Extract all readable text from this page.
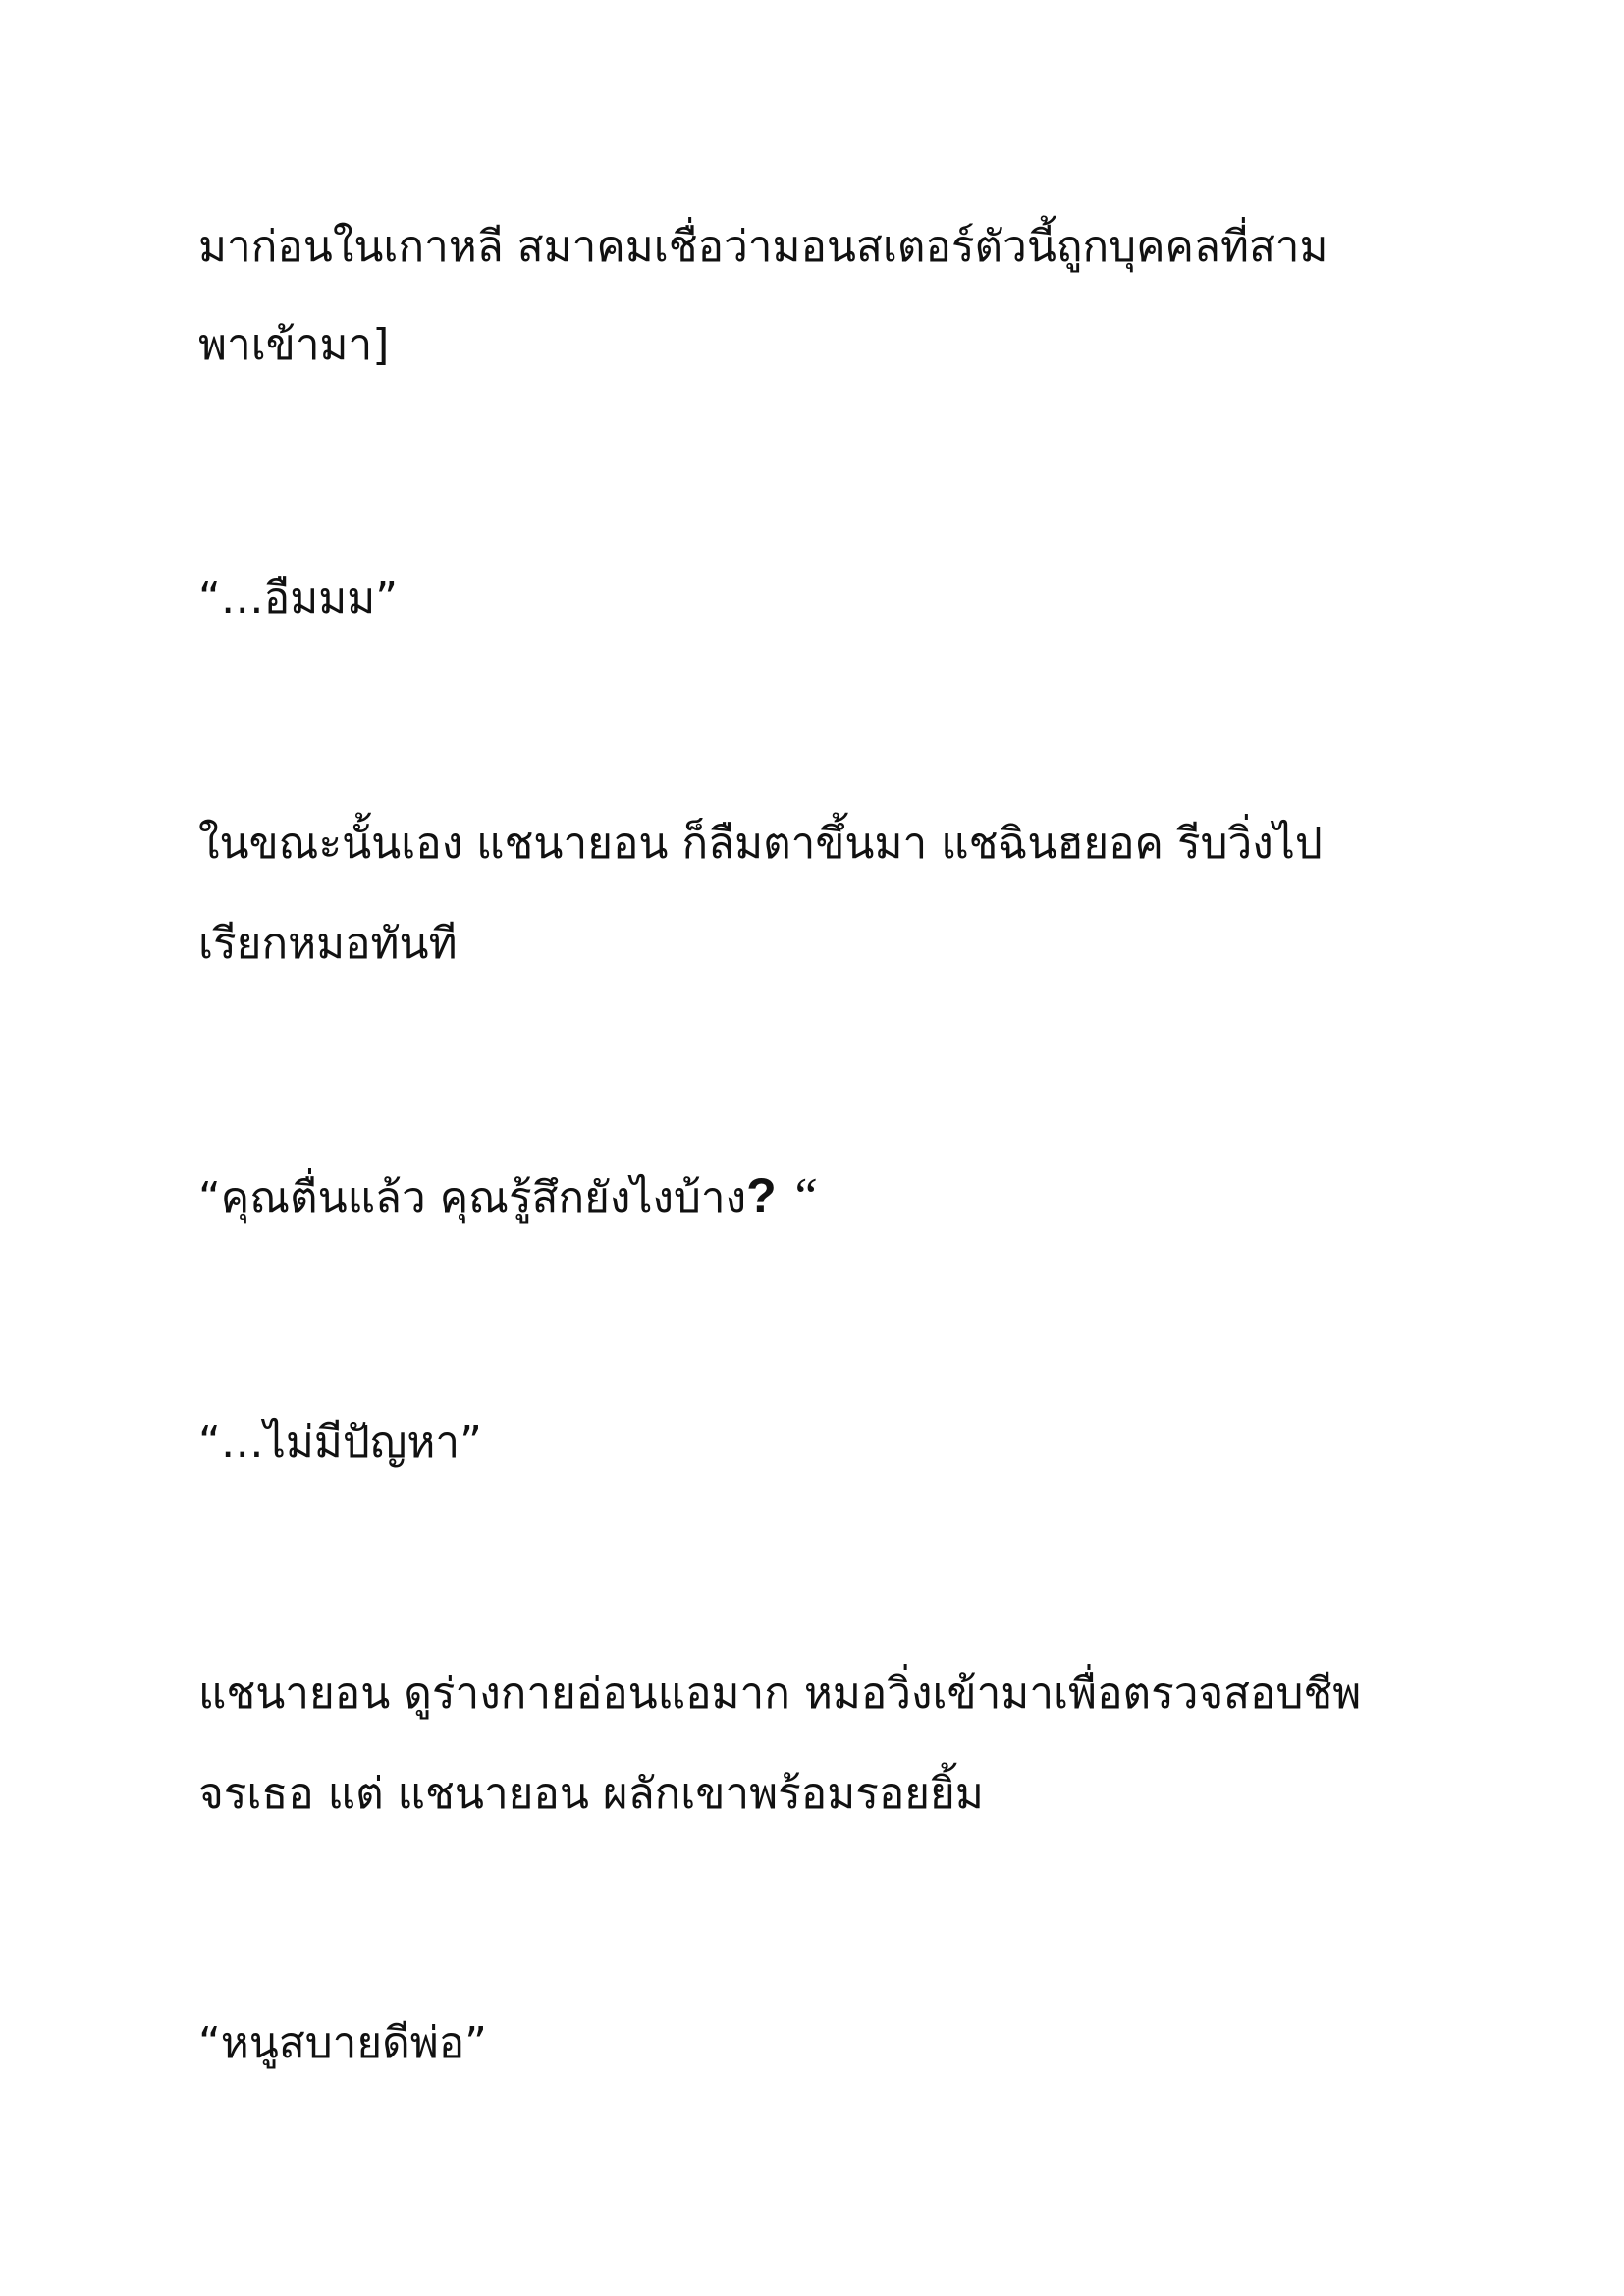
มาก่อนในเกาหลี สมาคมเชื่อว่ามอนสเตอร์ตัวนี้ถูกบุคคลที่สาม

พาเข้ามา]

“…อืมมม”

ในขณะนั้นเอง แชนายอน ก็ลืมตาขึ้นมา แชฉินฮยอค รีบวิ่งไป

เรียกหมอทันที

“คุณตื่นแล้ว คุณรู้สึกยังไงบ้าง? “

“…ไม่มีปัญหา”

แชนายอน ดูร่างกายอ่อนแอมาก หมอวิ่งเข้ามาเพื่อตรวจสอบชีพ

จรเธอ แต่ แชนายอน ผลักเขาพร้อมรอยยิ้ม

“หนูสบายดีพ่อ”
